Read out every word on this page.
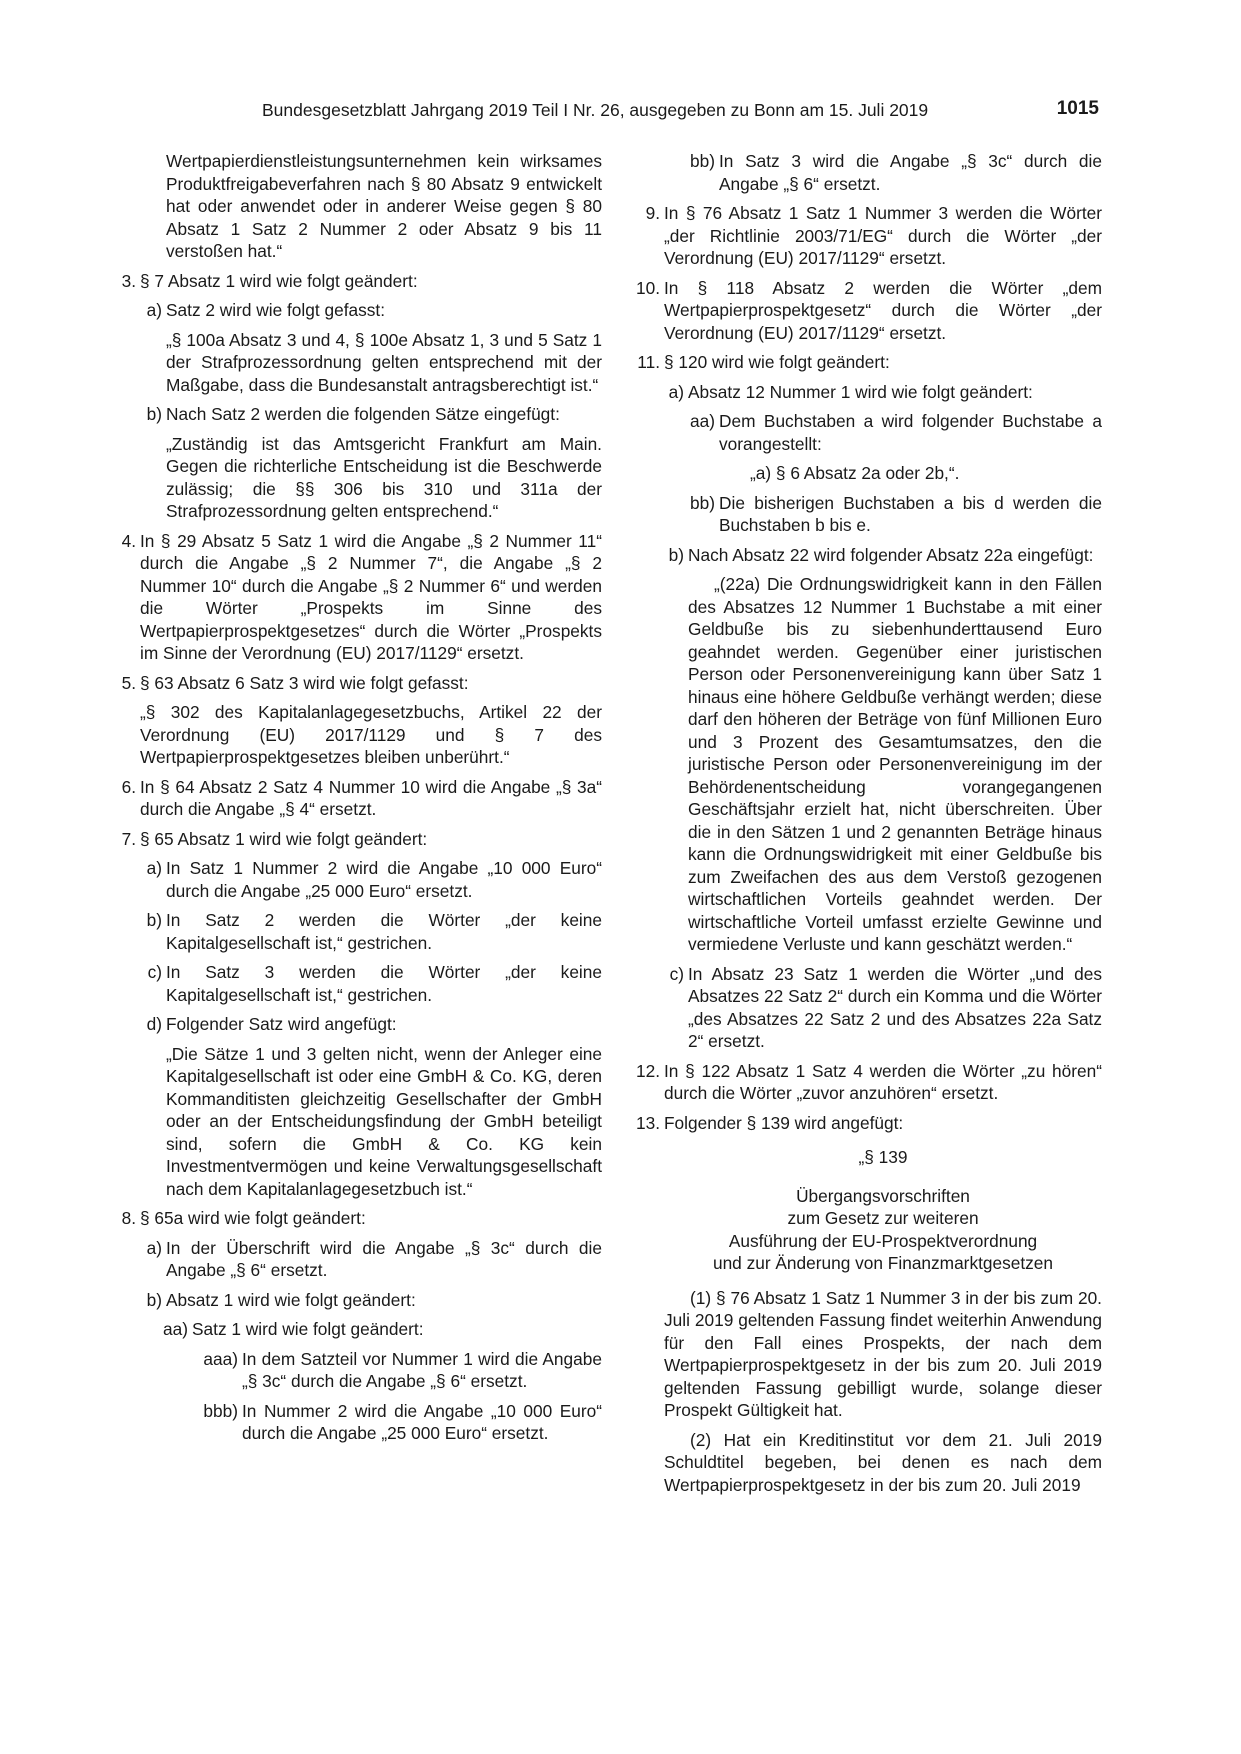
Bundesgesetzblatt Jahrgang 2019 Teil I Nr. 26, ausgegeben zu Bonn am 15. Juli 2019	1015
Wertpapierdienstleistungsunternehmen kein wirksames Produktfreigabeverfahren nach § 80 Absatz 9 entwickelt hat oder anwendet oder in anderer Weise gegen § 80 Absatz 1 Satz 2 Nummer 2 oder Absatz 9 bis 11 verstoßen hat.“
3. § 7 Absatz 1 wird wie folgt geändert:
a) Satz 2 wird wie folgt gefasst:
„§ 100a Absatz 3 und 4, § 100e Absatz 1, 3 und 5 Satz 1 der Strafprozessordnung gelten entsprechend mit der Maßgabe, dass die Bundesanstalt antragsberechtigt ist.“
b) Nach Satz 2 werden die folgenden Sätze eingefügt:
„Zuständig ist das Amtsgericht Frankfurt am Main. Gegen die richterliche Entscheidung ist die Beschwerde zulässig; die §§ 306 bis 310 und 311a der Strafprozessordnung gelten entsprechend.“
4. In § 29 Absatz 5 Satz 1 wird die Angabe „§ 2 Nummer 11“ durch die Angabe „§ 2 Nummer 7“, die Angabe „§ 2 Nummer 10“ durch die Angabe „§ 2 Nummer 6“ und werden die Wörter „Prospekts im Sinne des Wertpapierprospektgesetzes“ durch die Wörter „Prospekts im Sinne der Verordnung (EU) 2017/1129“ ersetzt.
5. § 63 Absatz 6 Satz 3 wird wie folgt gefasst:
„§ 302 des Kapitalanlagegesetzbuchs, Artikel 22 der Verordnung (EU) 2017/1129 und § 7 des Wertpapierprospektgesetzes bleiben unberührt.“
6. In § 64 Absatz 2 Satz 4 Nummer 10 wird die Angabe „§ 3a“ durch die Angabe „§ 4“ ersetzt.
7. § 65 Absatz 1 wird wie folgt geändert:
a) In Satz 1 Nummer 2 wird die Angabe „10 000 Euro“ durch die Angabe „25 000 Euro“ ersetzt.
b) In Satz 2 werden die Wörter „der keine Kapitalgesellschaft ist,“ gestrichen.
c) In Satz 3 werden die Wörter „der keine Kapitalgesellschaft ist,“ gestrichen.
d) Folgender Satz wird angefügt:
„Die Sätze 1 und 3 gelten nicht, wenn der Anleger eine Kapitalgesellschaft ist oder eine GmbH & Co. KG, deren Kommanditisten gleichzeitig Gesellschafter der GmbH oder an der Entscheidungsfindung der GmbH beteiligt sind, sofern die GmbH & Co. KG kein Investmentvermögen und keine Verwaltungsgesellschaft nach dem Kapitalanlagegesetzbuch ist.“
8. § 65a wird wie folgt geändert:
a) In der Überschrift wird die Angabe „§ 3c“ durch die Angabe „§ 6“ ersetzt.
b) Absatz 1 wird wie folgt geändert:
aa) Satz 1 wird wie folgt geändert:
aaa) In dem Satzteil vor Nummer 1 wird die Angabe „§ 3c“ durch die Angabe „§ 6“ ersetzt.
bbb) In Nummer 2 wird die Angabe „10 000 Euro“ durch die Angabe „25 000 Euro“ ersetzt.
bb) In Satz 3 wird die Angabe „§ 3c“ durch die Angabe „§ 6“ ersetzt.
9. In § 76 Absatz 1 Satz 1 Nummer 3 werden die Wörter „der Richtlinie 2003/71/EG“ durch die Wörter „der Verordnung (EU) 2017/1129“ ersetzt.
10. In § 118 Absatz 2 werden die Wörter „dem Wertpapierprospektgesetz“ durch die Wörter „der Verordnung (EU) 2017/1129“ ersetzt.
11. § 120 wird wie folgt geändert:
a) Absatz 12 Nummer 1 wird wie folgt geändert:
aa) Dem Buchstaben a wird folgender Buchstabe a vorangestellt:
„a) § 6 Absatz 2a oder 2b,“.
bb) Die bisherigen Buchstaben a bis d werden die Buchstaben b bis e.
b) Nach Absatz 22 wird folgender Absatz 22a eingefügt:
„(22a) Die Ordnungswidrigkeit kann in den Fällen des Absatzes 12 Nummer 1 Buchstabe a mit einer Geldbuße bis zu siebenhunderttausend Euro geahndet werden. Gegenüber einer juristischen Person oder Personenvereinigung kann über Satz 1 hinaus eine höhere Geldbuße verhängt werden; diese darf den höheren der Beträge von fünf Millionen Euro und 3 Prozent des Gesamtumsatzes, den die juristische Person oder Personenvereinigung im der Behördenentscheidung vorangegangenen Geschäftsjahr erzielt hat, nicht überschreiten. Über die in den Sätzen 1 und 2 genannten Beträge hinaus kann die Ordnungswidrigkeit mit einer Geldbuße bis zum Zweifachen des aus dem Verstoß gezogenen wirtschaftlichen Vorteils geahndet werden. Der wirtschaftliche Vorteil umfasst erzielte Gewinne und vermiedene Verluste und kann geschätzt werden.“
c) In Absatz 23 Satz 1 werden die Wörter „und des Absatzes 22 Satz 2“ durch ein Komma und die Wörter „des Absatzes 22 Satz 2 und des Absatzes 22a Satz 2“ ersetzt.
12. In § 122 Absatz 1 Satz 4 werden die Wörter „zu hören“ durch die Wörter „zuvor anzuhören“ ersetzt.
13. Folgender § 139 wird angefügt:
„§ 139
Übergangsvorschriften
zum Gesetz zur weiteren
Ausführung der EU-Prospektverordnung
und zur Änderung von Finanzmarktgesetzen
(1) § 76 Absatz 1 Satz 1 Nummer 3 in der bis zum 20. Juli 2019 geltenden Fassung findet weiterhin Anwendung für den Fall eines Prospekts, der nach dem Wertpapierprospektgesetz in der bis zum 20. Juli 2019 geltenden Fassung gebilligt wurde, solange dieser Prospekt Gültigkeit hat.
(2) Hat ein Kreditinstitut vor dem 21. Juli 2019 Schuldtitel begeben, bei denen es nach dem Wertpapierprospektgesetz in der bis zum 20. Juli 2019
